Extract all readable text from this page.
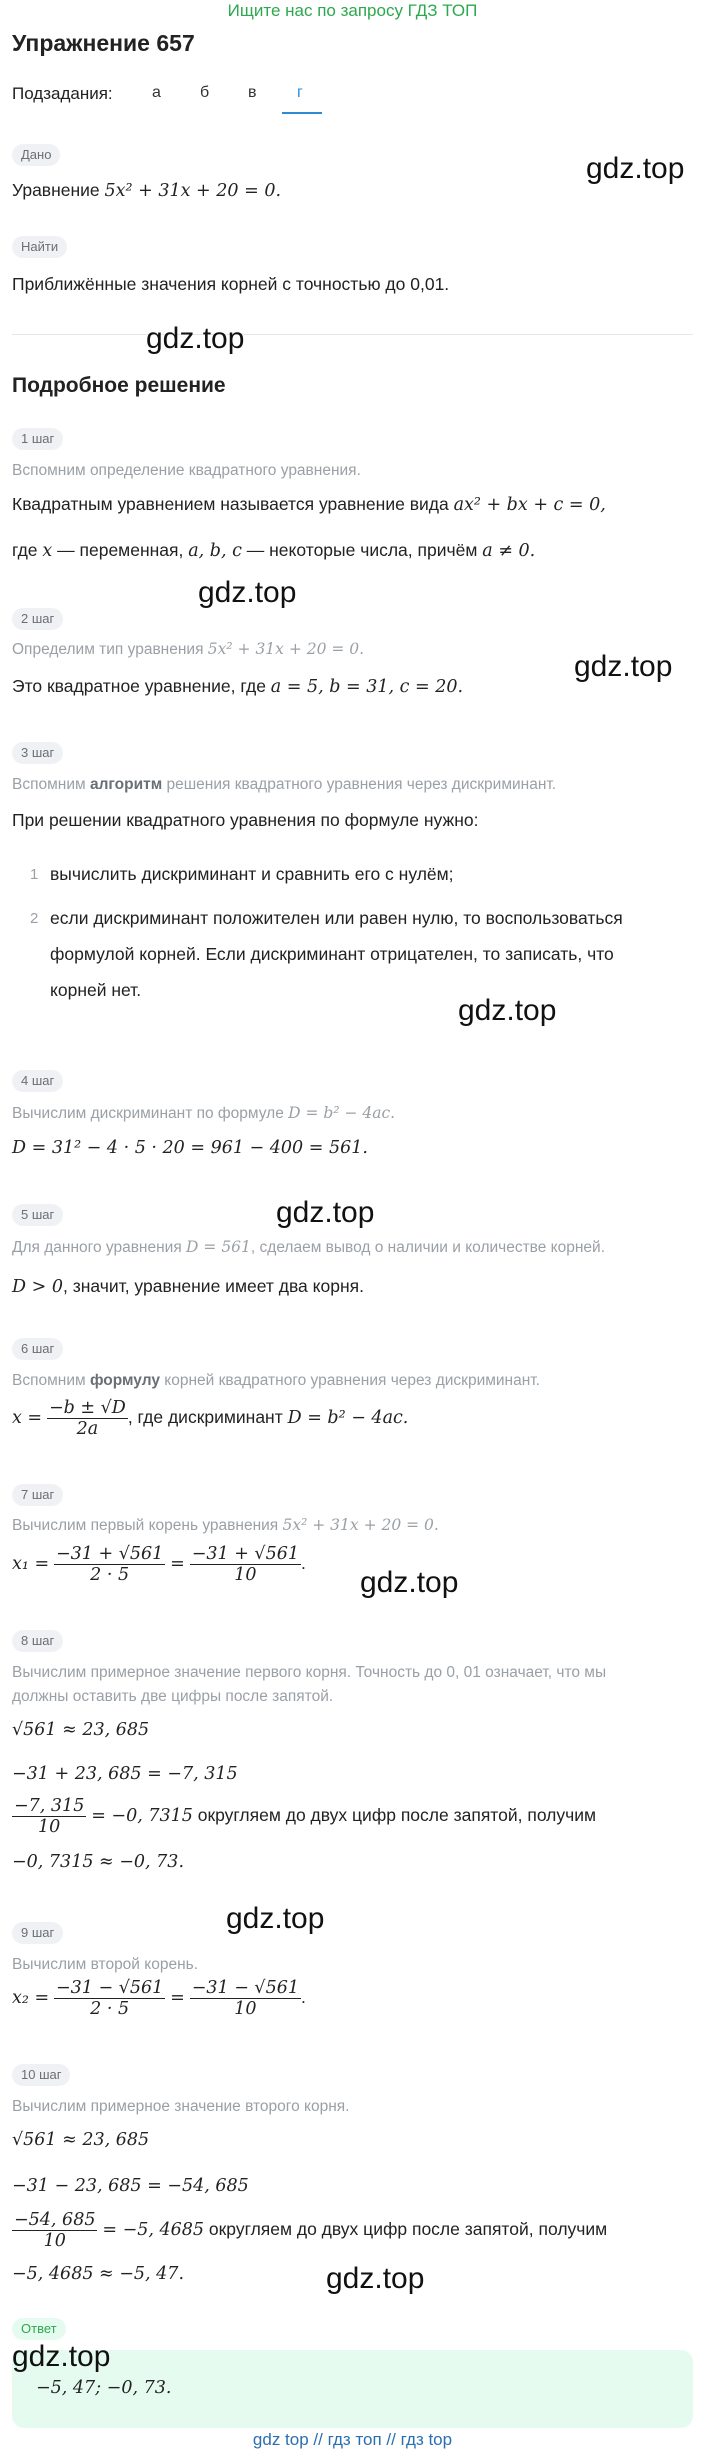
Ищите нас по запросу ГДЗ ТОП
Упражнение 657
Подзадания: а б в	г
Дано
Уравнение 5x² + 31x + 20 = 0.
Найти
Приближённые значения корней с точностью до 0,01.
Подробное решение
1 шаг
Вспомним определение квадратного уравнения.
Квадратным уравнением называется уравнение вида ax² + bx + c = 0,
где x — переменная, a, b, c — некоторые числа, причём a ≠ 0.
2 шаг
Определим тип уравнения 5x² + 31x + 20 = 0.
Это квадратное уравнение, где a = 5, b = 31, c = 20.
3 шаг
Вспомним алгоритм решения квадратного уравнения через дискриминант.
При решении квадратного уравнения по формуле нужно:
1 вычислить дискриминант и сравнить его с нулём;
2 если дискриминант положителен или равен нулю, то воспользоваться
формулой корней. Если дискриминант отрицателен, то записать, что
корней нет.
4 шаг
Вычислим дискриминант по формуле D = b² − 4ac.
D = 31² − 4 · 5 · 20 = 961 − 400 = 561.
5 шаг
Для данного уравнения D = 561, сделаем вывод о наличии и количестве корней.
D > 0, значит, уравнение имеет два корня.
6 шаг
Вспомним формулу корней квадратного уравнения через дискриминант.
$x = \frac{-b \pm √D}{2a}$ , где дискриминант D = b² − 4ac.
7 шаг
Вычислим первый корень уравнения 5x² + 31x + 20 = 0.
$x_1 = \frac{-31 + √561}{2 \cdot 5} = \frac{-31 + √561}{10}$ .
8 шаг
Вычислим примерное значение первого корня. Точность до 0, 01 означает, что мы
должны оставить две цифры после запятой.
√561 ≈ 23, 685
−31 + 23, 685 = −7, 315
$\frac{-7, 315}{10} = -0$, 7315 округляем до двух цифр после запятой, получим
−0, 7315 ≈ −0, 73.
9 шаг
Вычислим второй корень.
$x_2 = \frac{-31 - √561}{2 \cdot 5} = \frac{-31 - √561}{10}$ .
10 шаг
Вычислим примерное значение второго корня.
√561 ≈ 23, 685
−31 − 23, 685 = −54, 685
$\frac{-54, 685}{10} = -5$, 4685 округляем до двух цифр после запятой, получим
−5, 4685 ≈ −5, 47.
Ответ
−5, 47; −0, 73.
gdz.top
gdz.top
gdz.top
gdz.top
gdz.top
gdz.top
gdz.top
gdz.top
gdz.top
gdz.top
gdz top // гдз топ // гдз top
